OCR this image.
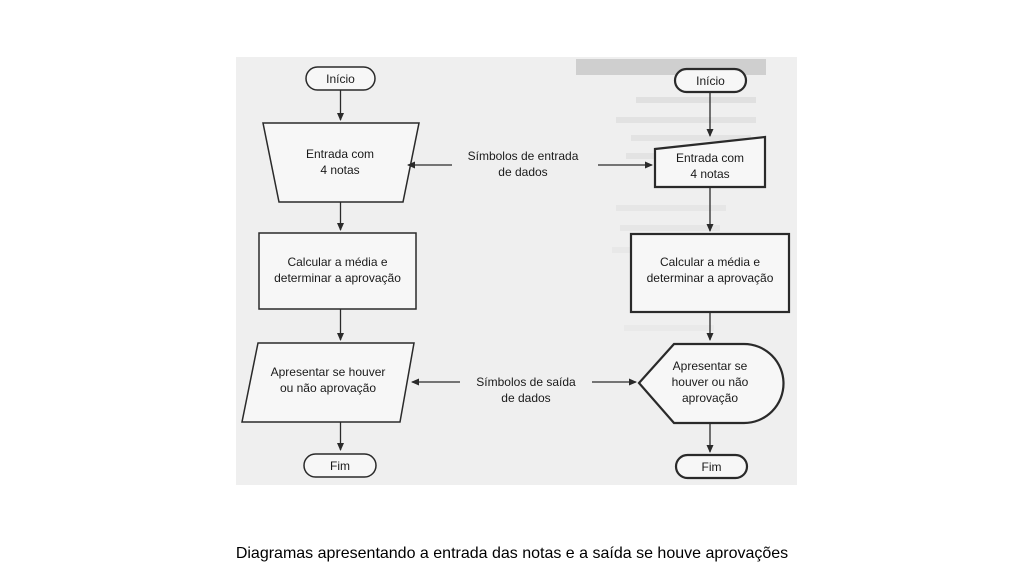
Início
Entrada com
4 notas
Calcular a média e
determinar a aprovação
Apresentar se houver
ou não aprovação
Fim
Símbolos de entrada
de dados
Símbolos de saída
de dados
Início
Entrada com
4 notas
Calcular a média e
determinar a aprovação
Apresentar se
houver ou não
aprovação
Fim
Diagramas apresentando a entrada das notas e a saída se houve aprovações
